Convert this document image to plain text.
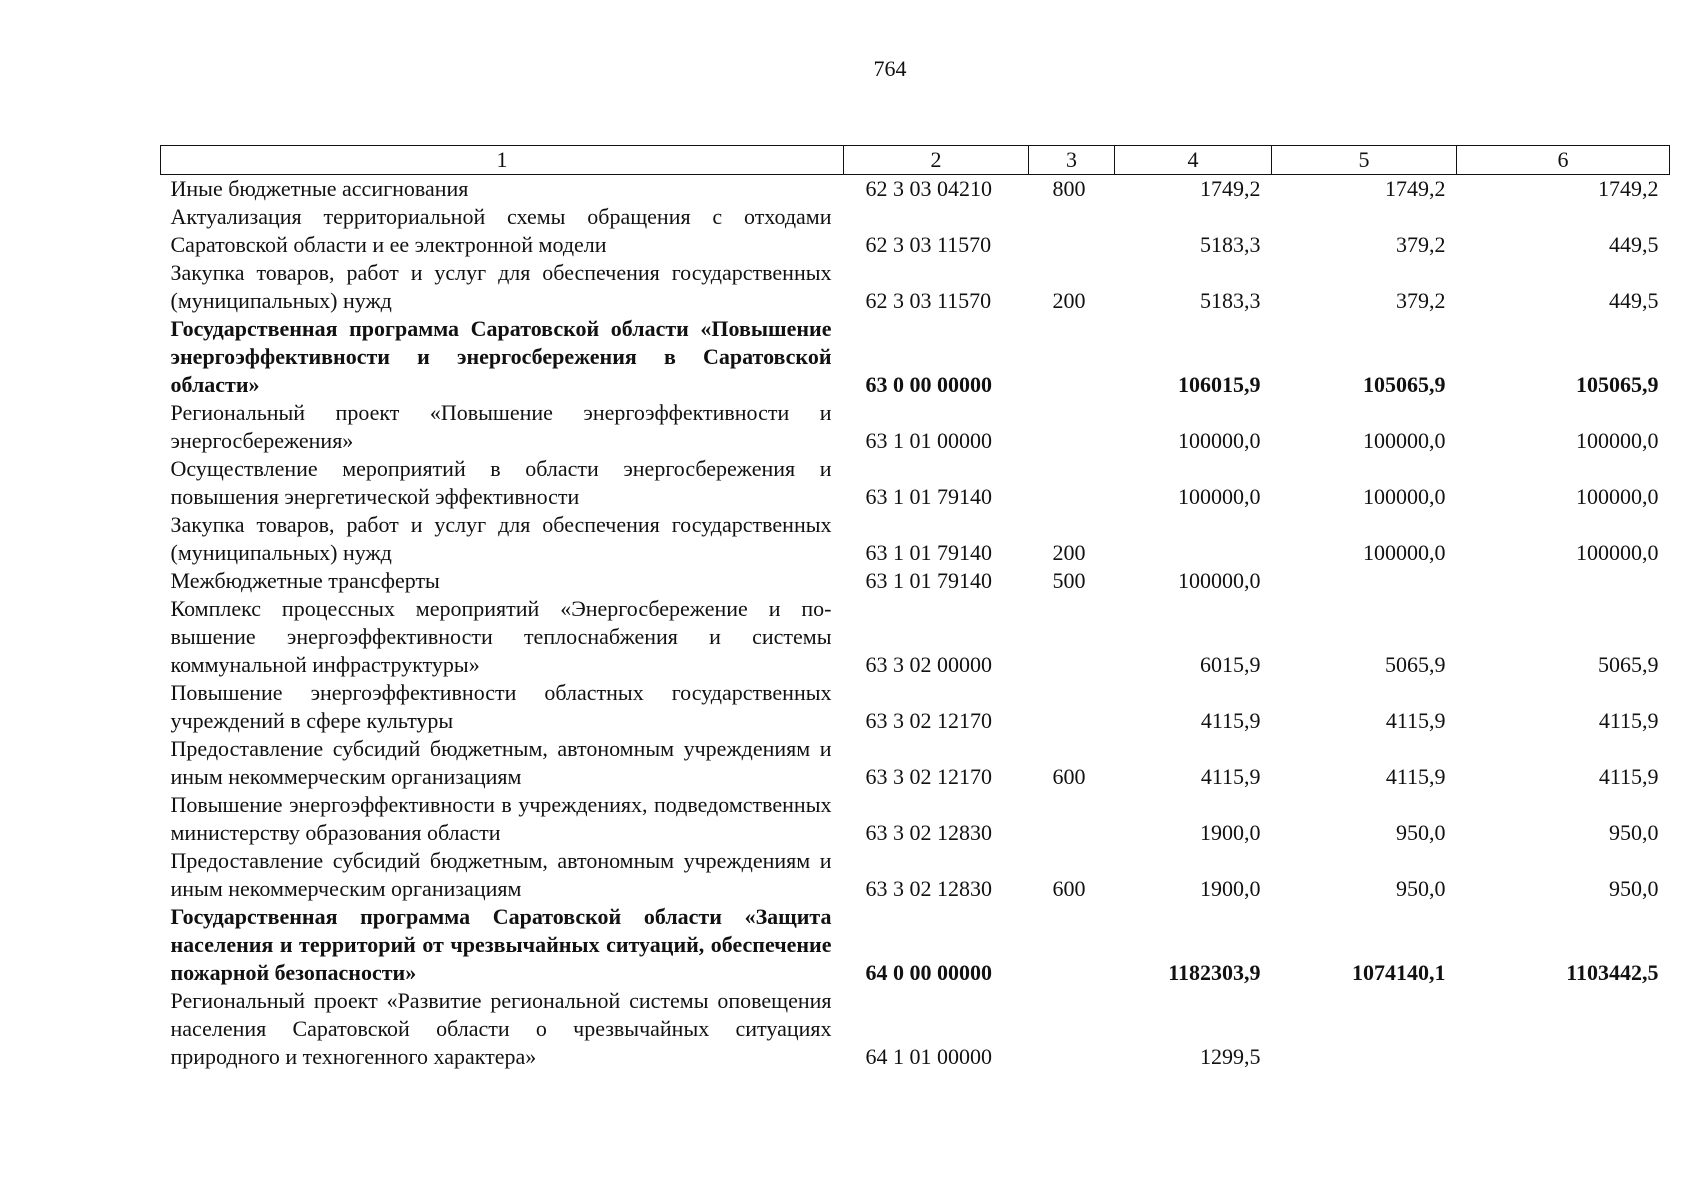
764
1	2	3	4	5	6
Иные бюджетные ассигнования	62 3 03 04210	800	1749,2	1749,2	1749,2
Актуализация территориальной схемы обращения с отходами Саратовской области и ее электронной модели	62 3 03 11570		5183,3	379,2	449,5
Закупка товаров, работ и услуг для обеспечения государственных (муниципальных) нужд	62 3 03 11570	200	5183,3	379,2	449,5
Государственная программа Саратовской области «Повышение энергоэффективности и энергосбережения в Саратовской области»	63 0 00 00000		106015,9	105065,9	105065,9
Региональный проект «Повышение энергоэффективности и энергосбережения»	63 1 01 00000		100000,0	100000,0	100000,0
Осуществление мероприятий в области энергосбережения и повышения энергетической эффективности	63 1 01 79140		100000,0	100000,0	100000,0
Закупка товаров, работ и услуг для обеспечения государственных (муниципальных) нужд	63 1 01 79140	200		100000,0	100000,0
Межбюджетные трансферты	63 1 01 79140	500	100000,0		
Комплекс процессных мероприятий «Энергосбережение и повышение энергоэффективности теплоснабжения и системы коммунальной инфраструктуры»	63 3 02 00000		6015,9	5065,9	5065,9
Повышение энергоэффективности областных государственных учреждений в сфере культуры	63 3 02 12170		4115,9	4115,9	4115,9
Предоставление субсидий бюджетным, автономным учреждениям и иным некоммерческим организациям	63 3 02 12170	600	4115,9	4115,9	4115,9
Повышение энергоэффективности в учреждениях, подведомственных министерству образования области	63 3 02 12830		1900,0	950,0	950,0
Предоставление субсидий бюджетным, автономным учреждениям и иным некоммерческим организациям	63 3 02 12830	600	1900,0	950,0	950,0
Государственная программа Саратовской области «Защита населения и территорий от чрезвычайных ситуаций, обеспечение пожарной безопасности»	64 0 00 00000		1182303,9	1074140,1	1103442,5
Региональный проект «Развитие региональной системы оповещения населения Саратовской области о чрезвычайных ситуациях природного и техногенного характера»	64 1 01 00000		1299,5		
